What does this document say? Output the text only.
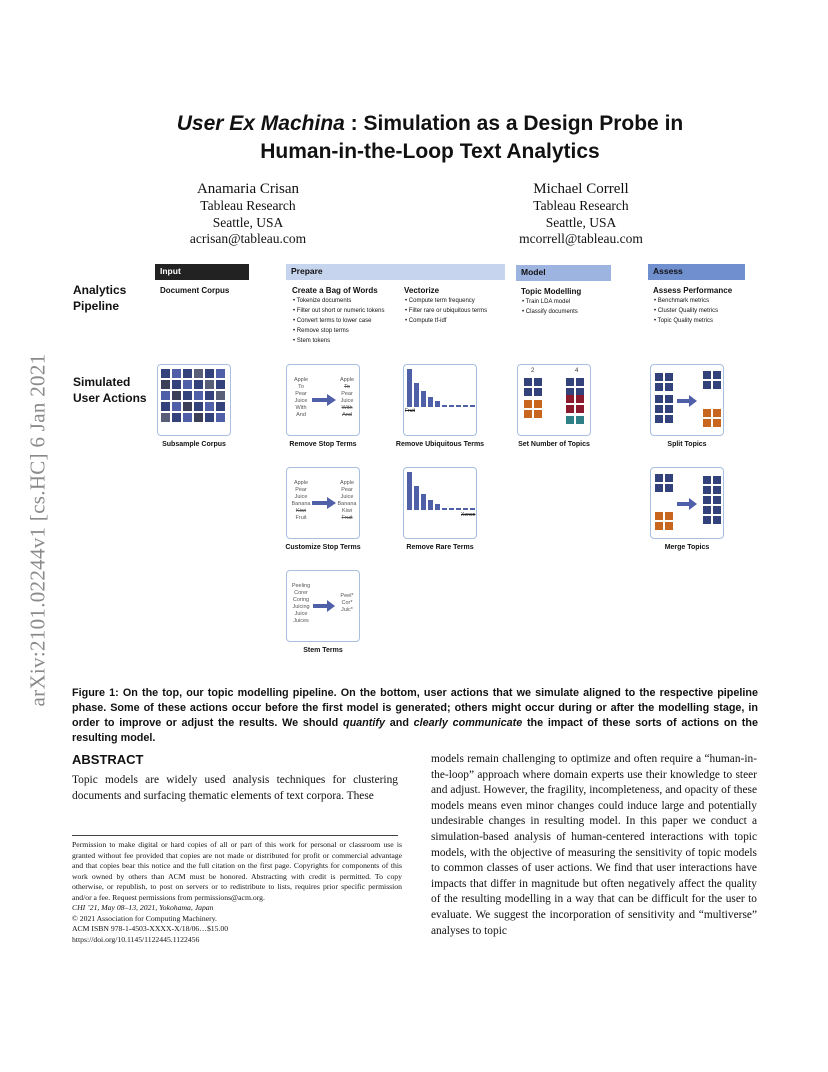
arXiv:2101.02244v1 [cs.HC] 6 Jan 2021
User Ex Machina : Simulation as a Design Probe in
Human-in-the-Loop Text Analytics
Anamaria Crisan
Tableau Research
Seattle, USA
acrisan@tableau.com
Michael Correll
Tableau Research
Seattle, USA
mcorrell@tableau.com
Input	Prepare	Model	Assess
Analytics
Pipeline
Simulated
User Actions
Document Corpus	Create a Bag of Words
• Tokenize documents
• Filter out short or numeric tokens
• Convert terms to lower case
• Remove stop terms
• Stem tokens
Vectorize
• Compute term frequency
• Filter rare or ubiquitous terms
• Compute tf-idf
Topic Modelling
• Train LDA model
• Classify documents
Assess Performance
• Benchmark metrics
• Cluster Quality metrics
• Topic Quality metrics
Subsample Corpus
Apple
To
Pear
Juice
With
And
Apple
To
Pear
Juice
With
And
Remove Stop Terms
Fruit
Remove Ubiquitous Terms
2	4
Set Number of Topics	Split Topics
Apple
Pear
Juice
Banana
Kiwi
Fruit
Apple
Pear
Juice
Banana
Kiwi
Fruit
Customize Stop Terms
Xenon
Remove Rare Terms	Merge Topics
Peeling
Corer
Coring
Juicing
Juice
Juices
Peel*
Cor*
Juic*
Stem Terms
Figure 1: On the top, our topic modelling pipeline. On the bottom, user actions that we simulate aligned to the respective pipeline phase. Some of these actions occur before the first model is generated; others might occur during or after the modelling stage, in order to improve or adjust the results. We should quantify and clearly communicate the impact of these sorts of actions on the resulting model.
ABSTRACT
Topic models are widely used analysis techniques for clustering documents and surfacing thematic elements of text corpora. These
models remain challenging to optimize and often require a “human-in-the-loop” approach where domain experts use their knowledge to steer and adjust. However, the fragility, incompleteness, and opacity of these models means even minor changes could induce large and potentially undesirable changes in resulting model. In this paper we conduct a simulation-based analysis of human-centered interactions with topic models, with the objective of measuring the sensitivity of topic models to common classes of user actions. We find that user interactions have impacts that differ in magnitude but often negatively affect the quality of the resulting modelling in a way that can be difficult for the user to evaluate. We suggest the incorporation of sensitivity and “multiverse” analyses to topic
Permission to make digital or hard copies of all or part of this work for personal or classroom use is granted without fee provided that copies are not made or distributed for profit or commercial advantage and that copies bear this notice and the full citation on the first page. Copyrights for components of this work owned by others than ACM must be honored. Abstracting with credit is permitted. To copy otherwise, or republish, to post on servers or to redistribute to lists, requires prior specific permission and/or a fee. Request permissions from permissions@acm.org.
CHI ’21, May 08–13, 2021, Yokohama, Japan
© 2021 Association for Computing Machinery.
ACM ISBN 978-1-4503-XXXX-X/18/06…$15.00
https://doi.org/10.1145/1122445.1122456
